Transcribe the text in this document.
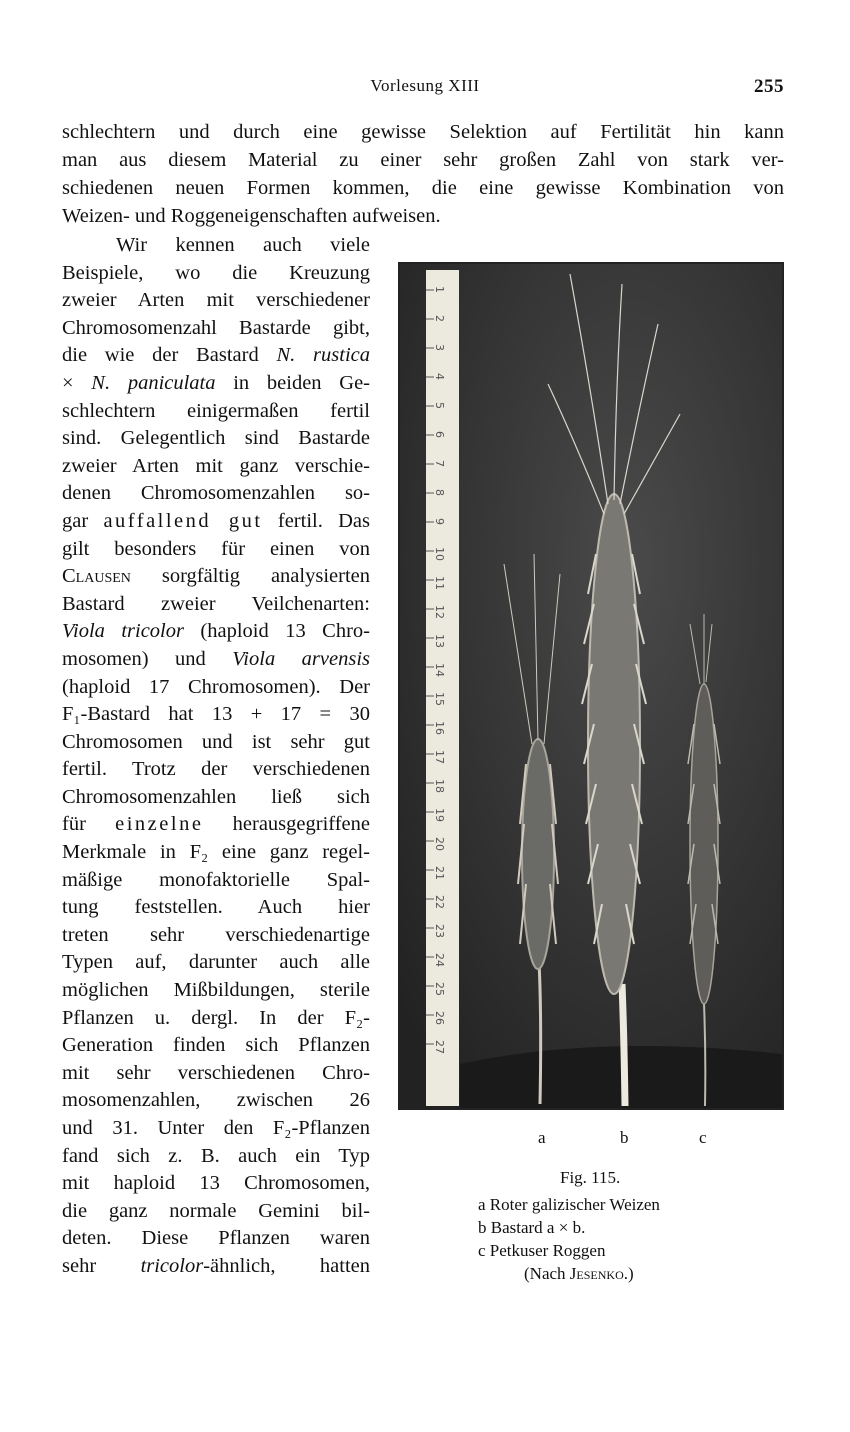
Vorlesung XIII	255
schlechtern und durch eine gewisse Selektion auf Fertilität hin kann
man aus diesem Material zu einer sehr großen Zahl von stark ver-
schiedenen neuen Formen kommen, die eine gewisse Kombination von
Weizen- und Roggeneigenschaften aufweisen.
Wir kennen auch viele
Beispiele, wo die Kreuzung
zweier Arten mit verschiedener
Chromosomenzahl Bastarde gibt,
die wie der Bastard N. rustica
× N. paniculata in beiden Ge-
schlechtern einigermaßen fertil
sind. Gelegentlich sind Bastarde
zweier Arten mit ganz verschie-
denen Chromosomenzahlen so-
gar auffallend gut fertil. Das
gilt besonders für einen von
Clausen sorgfältig analysierten
Bastard zweier Veilchenarten:
Viola tricolor (haploid 13 Chro-
mosomen) und Viola arvensis
(haploid 17 Chromosomen). Der
F₁-Bastard hat 13 + 17 = 30
Chromosomen und ist sehr gut
fertil. Trotz der verschiedenen
Chromosomenzahlen ließ sich
für einzelne herausgegriffene
Merkmale in F₂ eine ganz regel-
mäßige monofaktorielle Spal-
tung feststellen. Auch hier
treten sehr verschiedenartige
Typen auf, darunter auch alle
möglichen Mißbildungen, sterile
Pflanzen u. dergl. In der F₂-
Generation finden sich Pflanzen
mit sehr verschiedenen Chro-
mosomenzahlen, zwischen 26
und 31. Unter den F₂-Pflanzen
fand sich z. B. auch ein Typ
mit haploid 13 Chromosomen,
die ganz normale Gemini bil-
deten. Diese Pflanzen waren
sehr tricolor-ähnlich, hatten
1
2
3
4
5
6
7
8
9
10
11
12
13
14
15
16
17
18
19
20
21
22
23
24
25
26
27
a	b	c
Fig. 115.
a Roter galizischer Weizen
b Bastard a × b.
c Petkuser Roggen
(Nach Jesenko.)
